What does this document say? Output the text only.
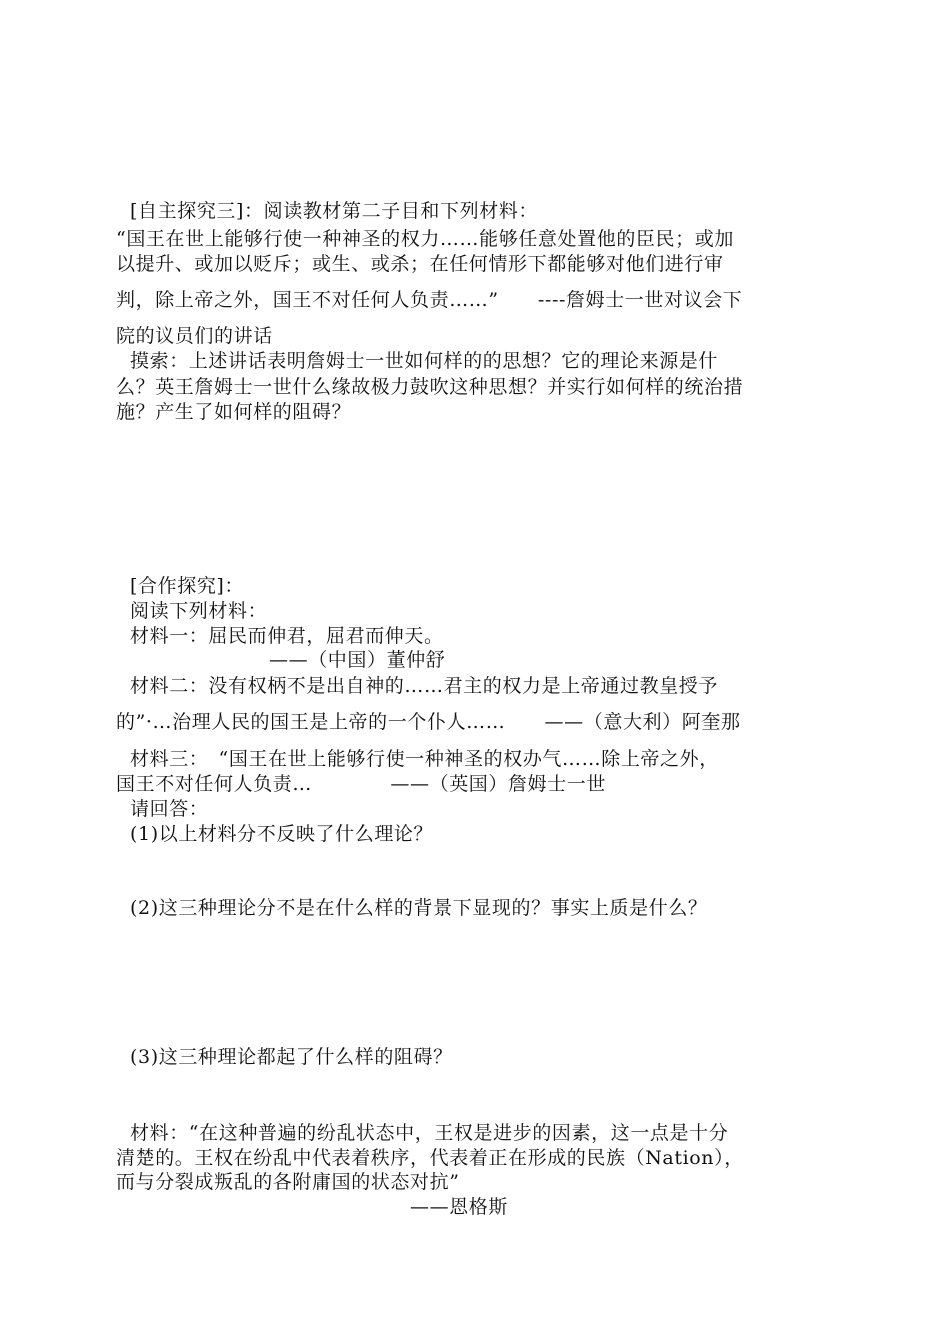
[自主探究三]：阅读教材第二子目和下列材料：
“国王在世上能够行使一种神圣的权力……能够任意处置他的臣民；或加
以提升、或加以贬斥；或生、或杀；在任何情形下都能够对他们进行审
判，除上帝之外，国王不对任何人负责……”　　----詹姆士一世对议会下
院的议员们的讲话
摸索：上述讲话表明詹姆士一世如何样的的思想？它的理论来源是什
么？英王詹姆士一世什么缘故极力鼓吹这种思想？并实行如何样的统治措
施？产生了如何样的阻碍？
[合作探究]：
阅读下列材料：
材料一：屈民而伸君，屈君而伸天。
——（中国）董仲舒
材料二：没有权柄不是出自神的……君主的权力是上帝通过教皇授予
的”·…治理人民的国王是上帝的一个仆人……　　——（意大利）阿奎那
材料三：　“国王在世上能够行使一种神圣的权办气……除上帝之外，
国王不对任何人负责…　　　　——（英国）詹姆士一世
请回答：
(1)以上材料分不反映了什么理论？
(2)这三种理论分不是在什么样的背景下显现的？事实上质是什么？
(3)这三种理论都起了什么样的阻碍？
材料：“在这种普遍的纷乱状态中，王权是进步的因素，这一点是十分
清楚的。王权在纷乱中代表着秩序，代表着正在形成的民族（Nation），
而与分裂成叛乱的各附庸国的状态对抗”
——恩格斯
